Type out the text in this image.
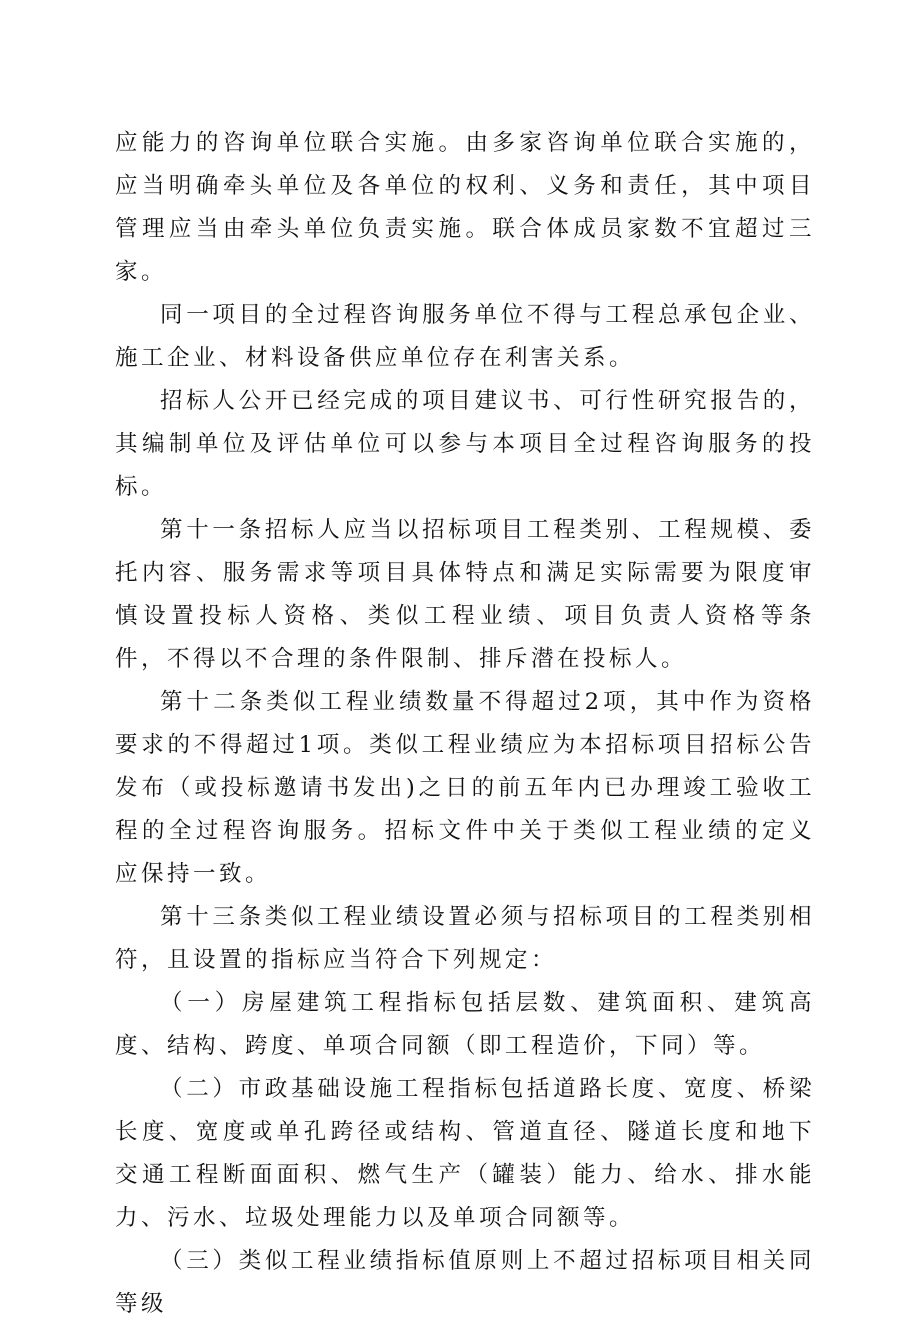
应能力的咨询单位联合实施。由多家咨询单位联合实施的，应当明确牵头单位及各单位的权利、义务和责任，其中项目管理应当由牵头单位负责实施。联合体成员家数不宜超过三家。

同一项目的全过程咨询服务单位不得与工程总承包企业、施工企业、材料设备供应单位存在利害关系。

招标人公开已经完成的项目建议书、可行性研究报告的，其编制单位及评估单位可以参与本项目全过程咨询服务的投标。

第十一条招标人应当以招标项目工程类别、工程规模、委托内容、服务需求等项目具体特点和满足实际需要为限度审慎设置投标人资格、类似工程业绩、项目负责人资格等条件，不得以不合理的条件限制、排斥潜在投标人。

第十二条类似工程业绩数量不得超过2项，其中作为资格要求的不得超过1项。类似工程业绩应为本招标项目招标公告发布（或投标邀请书发出)之日的前五年内已办理竣工验收工程的全过程咨询服务。招标文件中关于类似工程业绩的定义应保持一致。

第十三条类似工程业绩设置必须与招标项目的工程类别相符，且设置的指标应当符合下列规定：

（一）房屋建筑工程指标包括层数、建筑面积、建筑高度、结构、跨度、单项合同额（即工程造价，下同）等。

（二）市政基础设施工程指标包括道路长度、宽度、桥梁长度、宽度或单孔跨径或结构、管道直径、隧道长度和地下交通工程断面面积、燃气生产（罐装）能力、给水、排水能力、污水、垃圾处理能力以及单项合同额等。

（三）类似工程业绩指标值原则上不超过招标项目相关同等级
